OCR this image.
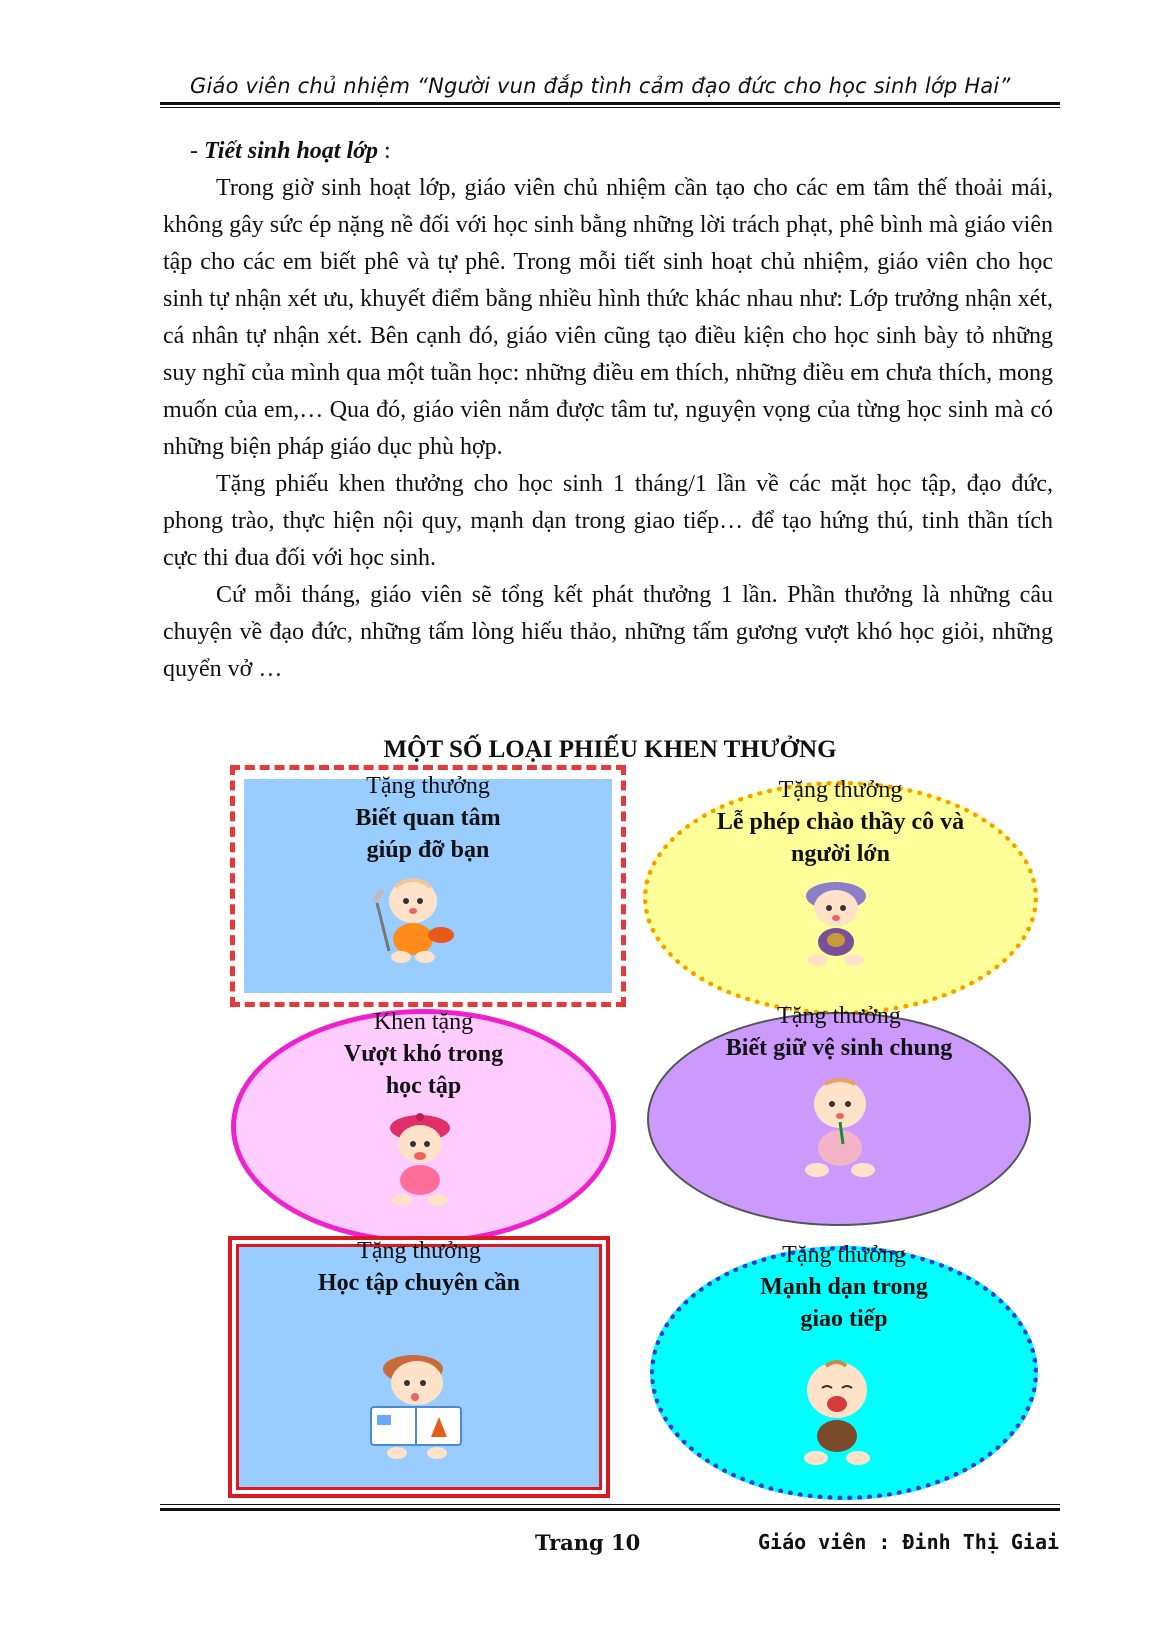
Giáo viên chủ nhiệm “Người vun đắp tình cảm đạo đức cho học sinh lớp Hai”
- Tiết sinh hoạt lớp :

Trong giờ sinh hoạt lớp, giáo viên chủ nhiệm cần tạo cho các em tâm thế thoải mái, không gây sức ép nặng nề đối với học sinh bằng những lời trách phạt, phê bình mà giáo viên tập cho các em biết phê và tự phê. Trong mỗi tiết sinh hoạt chủ nhiệm, giáo viên cho học sinh tự nhận xét ưu, khuyết điểm bằng nhiều hình thức khác nhau như: Lớp trưởng nhận xét, cá nhân tự nhận xét. Bên cạnh đó, giáo viên cũng tạo điều kiện cho học sinh bày tỏ những suy nghĩ của mình qua một tuần học: những điều em thích, những điều em chưa thích, mong muốn của em,… Qua đó, giáo viên nắm được tâm tư, nguyện vọng của từng học sinh mà có những biện pháp giáo dục phù hợp.

Tặng phiếu khen thưởng cho học sinh 1 tháng/1 lần về các mặt học tập, đạo đức, phong trào, thực hiện nội quy, mạnh dạn trong giao tiếp… để tạo hứng thú, tinh thần tích cực thi đua đối với học sinh.

Cứ mỗi tháng, giáo viên sẽ tổng kết phát thưởng 1 lần. Phần thưởng là những câu chuyện về đạo đức, những tấm lòng hiếu thảo, những tấm gương vượt khó học giỏi, những quyển vở …

MỘT SỐ LOẠI PHIẾU KHEN THƯỞNG
Tặng thưởng
Biết quan tâm
giúp đỡ bạn
Tặng thưởng
Lễ phép chào thầy cô và
người lớn
Khen tặng
Vượt khó trong
học tập
Tặng thưởng
Biết giữ vệ sinh chung
Tặng thưởng
Học tập chuyên cần
Tặng thưởng
Mạnh dạn trong
giao tiếp
Trang 10	Giáo viên : Đinh Thị Giai
